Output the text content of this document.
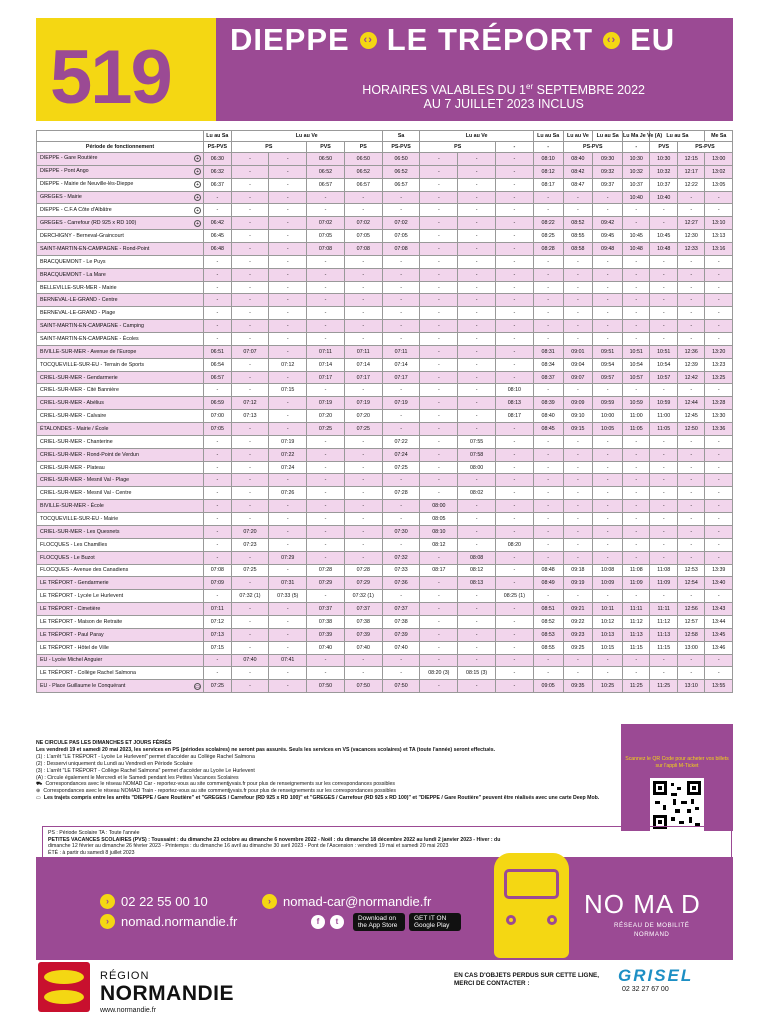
519 DIEPPE	‹› LE TRÉPORT	‹› EU
HORAIRES VALABLES DU 1er SEPTEMBRE 2022
AU 7 JUILLET 2023 INCLUS
	Lu au Sa	Lu au Ve				Sa	Lu au Ve			Lu au Sa	Lu au Ve	Lu au Sa	Lu Ma Je Ve (A)	Lu au Sa		Me Sa
Période de fonctionnement	PS-PVS	PS		PVS	PS	PS-PVS	PS		-	-	PS-PVS		-	PVS	PS-PVS	
DIEPPE - Gare Routière +	06:30	-	-	06:50	06:50	06:50	-	-	-	08:10	08:40	09:30	10:30	10:30	12:15	13:00
DIEPPE - Pont Ango +	06:32	-	-	06:52	06:52	06:52	-	-	-	08:12	08:42	09:32	10:32	10:32	12:17	13:02
DIEPPE - Mairie de Neuville-lès-Dieppe +	06:37	-	-	06:57	06:57	06:57	-	-	-	08:17	08:47	09:37	10:37	10:37	12:22	13:05
GREGES - Mairie +	-	-	-	-	-	-	-	-	-	-	-	-	10:40	10:40	-	-
DIEPPE - C.F.A Côte d'Albâtre +	-	-	-	-	-	-	-	-	-	-	-	-	-	-	-	-
GREGES - Carrefour (RD 925 x RD 100) +	06:42	-	-	07:02	07:02	07:02	-	-	-	08:22	08:52	09:42	-	-	12:27	13:10
DERCHIGNY - Berneval-Graincourt	06:45	-	-	07:05	07:05	07:05	-	-	-	08:25	08:55	09:45	10:45	10:45	12:30	13:13
SAINT-MARTIN-EN-CAMPAGNE - Rond-Point	06:48	-	-	07:08	07:08	07:08	-	-	-	08:28	08:58	09:48	10:48	10:48	12:33	13:16
BRACQUEMONT - Le Puys	-	-	-	-	-	-	-	-	-	-	-	-	-	-	-	-
BRACQUEMONT - La Mare	-	-	-	-	-	-	-	-	-	-	-	-	-	-	-	-
BELLEVILLE-SUR-MER - Mairie	-	-	-	-	-	-	-	-	-	-	-	-	-	-	-	-
BERNEVAL-LE-GRAND - Centre	-	-	-	-	-	-	-	-	-	-	-	-	-	-	-	-
BERNEVAL-LE-GRAND - Plage	-	-	-	-	-	-	-	-	-	-	-	-	-	-	-	-
SAINT-MARTIN-EN-CAMPAGNE - Camping	-	-	-	-	-	-	-	-	-	-	-	-	-	-	-	-
SAINT-MARTIN-EN-CAMPAGNE - Écoles	-	-	-	-	-	-	-	-	-	-	-	-	-	-	-	-
BIVILLE-SUR-MER - Avenue de l'Europe	06:51	07:07	-	07:11	07:11	07:11	-	-	-	08:31	09:01	09:51	10:51	10:51	12:36	13:20
TOCQUEVILLE-SUR-EU - Terrain de Sports	06:54	-	07:12	07:14	07:14	07:14	-	-	-	08:34	09:04	09:54	10:54	10:54	12:39	13:23
CRIEL-SUR-MER - Gendarmerie	06:57	-	-	07:17	07:17	07:17	-	-	-	08:37	09:07	09:57	10:57	10:57	12:42	13:25
CRIEL-SUR-MER - Cité Bannière	-	-	07:15	-	-	-	-	-	08:10	-	-	-	-	-	-	-
CRIEL-SUR-MER - Abélius	06:59	07:12	-	07:19	07:19	07:19	-	-	08:13	08:39	09:09	09:59	10:59	10:59	12:44	13:28
CRIEL-SUR-MER - Calvaire	07:00	07:13	-	07:20	07:20	-	-	-	08:17	08:40	09:10	10:00	11:00	11:00	12:45	13:30
ÉTALONDES - Mairie / École	07:05	-	-	07:25	07:25	-	-	-	-	08:45	09:15	10:05	11:05	11:05	12:50	13:36
CRIEL-SUR-MER - Chanterine	-	-	07:19	-	-	07:22	-	07:55	-	-	-	-	-	-	-	-
CRIEL-SUR-MER - Rond-Point de Verdun	-	-	07:22	-	-	07:24	-	07:58	-	-	-	-	-	-	-	-
CRIEL-SUR-MER - Plateau	-	-	07:24	-	-	07:25	-	08:00	-	-	-	-	-	-	-	-
CRIEL-SUR-MER - Mesnil Val - Plage	-	-	-	-	-	-	-	-	-	-	-	-	-	-	-	-
CRIEL-SUR-MER - Mesnil Val - Centre	-	-	07:26	-	-	07:28	-	08:02	-	-	-	-	-	-	-	-
BIVILLE-SUR-MER - École	-	-	-	-	-	-	08:00	-	-	-	-	-	-	-	-	-
TOCQUEVILLE-SUR-EU - Mairie	-	-	-	-	-	-	08:05	-	-	-	-	-	-	-	-	-
CRIEL-SUR-MER - Les Quesnets	-	07:20	-	-	-	07:30	08:10	-	-	-	-	-	-	-	-	-
FLOCQUES - Les Chamilles	-	07:23	-	-	-	-	08:12	-	08:20	-	-	-	-	-	-	-
FLOCQUES - Le Buzot	-	-	07:29	-	-	07:32	-	08:08	-	-	-	-	-	-	-	-
FLOCQUES - Avenue des Canadiens	07:08	07:25	-	07:28	07:28	07:33	08:17	08:12	-	08:48	09:18	10:08	11:08	11:08	12:53	13:39
LE TRÉPORT - Gendarmerie	07:09	-	07:31	07:29	07:29	07:36	-	08:13	-	08:49	09:19	10:09	11:09	11:09	12:54	13:40
LE TRÉPORT - Lycée Le Hurlevent	-	07:32 (1)	07:33 (5)	-	07:32 (1)	-	-	-	08:25 (1)	-	-	-	-	-	-	-
LE TRÉPORT - Cimetière	07:11	-	-	07:37	07:37	07:37	-	-	-	08:51	09:21	10:11	11:11	11:11	12:56	13:43
LE TRÉPORT - Maison de Retraite	07:12	-	-	07:38	07:38	07:38	-	-	-	08:52	09:22	10:12	11:12	11:12	12:57	13:44
LE TRÉPORT - Paul Paray	07:13	-	-	07:39	07:39	07:39	-	-	-	08:53	09:23	10:13	11:13	11:13	12:58	13:45
LE TRÉPORT - Hôtel de Ville	07:15	-	-	07:40	07:40	07:40	-	-	-	08:55	09:25	10:15	11:15	11:15	13:00	13:46
EU - Lycée Michel Anguier	-	07:40	07:41	-	-	-	-	-	-	-	-	-	-	-	-	-
LE TRÉPORT - Collège Rachel Salmona	-	-	-	-	-	-	08:20 (3)	08:15 (3)	-	-	-	-	-	-	-	-
EU - Place Guillaume le Conquérant ▭	07:25	-	-	07:50	07:50	07:50	-	-	-	09:05	09:35	10:25	11:25	11:25	13:10	13:55
NE CIRCULE PAS LES DIMANCHES ET JOURS FÉRIÉS
Les vendredi 19 et samedi 20 mai 2023, les services en PS (périodes scolaires) ne seront pas assurés. Seuls les services en VS (vacances scolaires) et TA (toute l'année) seront effectués.
(1) : L'arrêt "LE TRÉPORT - Lycée Le Hurlevent" permet d'accéder au Collège Rachel Salmona
(2) : Desservi uniquement du Lundi au Vendredi en Période Scolaire
(3) : L'arrêt "LE TRÉPORT - Collège Rachel Salmona" permet d'accéder au Lycée Le Hurlevent
(A) : Circule également le Mercredi et le Samedi pendant les Petites Vacances Scolaires
⛟ Correspondances avec le réseau NOMAD Car - reportez-vous au site commentjyvais.fr pour plus de renseignements sur les correspondances possibles
⊕ Correspondances avec le réseau NOMAD Train - reportez-vous au site commentjyvais.fr pour plus de renseignements sur les correspondances possibles
▭ Les trajets compris entre les arrêts "DIEPPE / Gare Routière" et "GREGES / Carrefour (RD 925 x RD 100)" et "GREGES / Carrefour (RD 925 x RD 100)" et "DIEPPE / Gare Routière" peuvent être réalisés avec une carte Deep Mob.
Scannez le QR Code pour acheter vos billets sur l'appli M-Ticket
PS : Période Scolaire TA : Toute l'année
PETITES VACANCES SCOLAIRES (PVS) : Toussaint : du dimanche 23 octobre au dimanche 6 novembre 2022 - Noël : du dimanche 18 décembre 2022 au lundi 2 janvier 2023 - Hiver : du
dimanche 12 février au dimanche 26 février 2023 - Printemps : du dimanche 16 avril au dimanche 30 avril 2023 - Pont de l'Ascension : vendredi 19 mai et samedi 20 mai 2023
ÉTÉ : à partir du samedi 8 juillet 2023
› 02 22 55 00 10	› nomad-car@normandie.fr
› nomad.normandie.fr	f	t	Download on the App Store
GET IT ON Google Play
NO MA D
RÉSEAU DE MOBILITÉ
NORMAND
RÉGION
NORMANDIE
www.normandie.fr
EN CAS D'OBJETS PERDUS SUR CETTE LIGNE,
MERCI DE CONTACTER :	GRISEL
02 32 27 67 00
